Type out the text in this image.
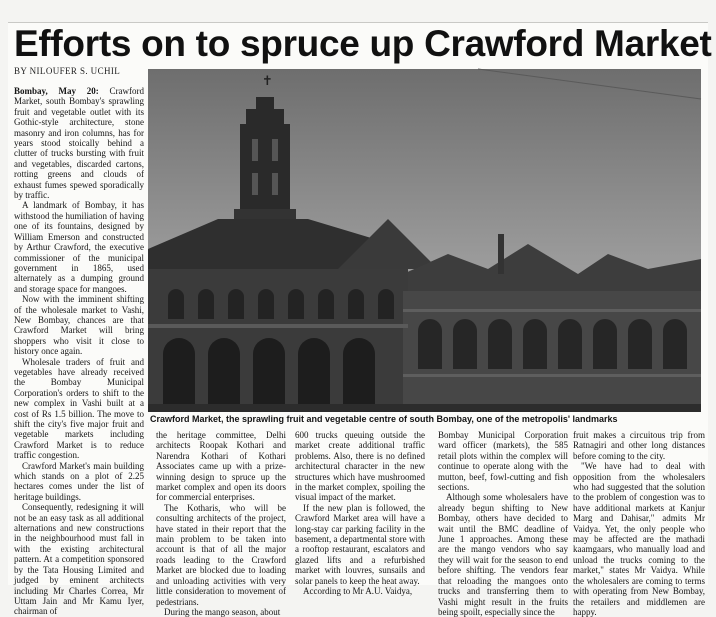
Efforts on to spruce up Crawford Market
BY NILOUFER S. UCHIL
✝
Crawford Market, the sprawling fruit and vegetable centre of south Bombay, one of the metropolis' landmarks

Bombay, May 20: Crawford Market, south Bombay's sprawling fruit and vegetable outlet with its Gothic-style architecture, stone masonry and iron columns, has for years stood stoically behind a clutter of trucks bursting with fruit and vegetables, discarded cartons, rotting greens and clouds of exhaust fumes spewed sporadically by traffic.

A landmark of Bombay, it has withstood the humiliation of having one of its fountains, designed by William Emerson and constructed by Arthur Crawford, the executive commissioner of the municipal government in 1865, used alternately as a dumping ground and storage space for mangoes.

Now with the imminent shifting of the wholesale market to Vashi, New Bombay, chances are that Crawford Market will bring shoppers who visit it close to history once again.

Wholesale traders of fruit and vegetables have already received the Bombay Municipal Corporation's orders to shift to the new complex in Vashi built at a cost of Rs 1.5 billion. The move to shift the city's five major fruit and vegetable markets including Crawford Market is to reduce traffic congestion.

Crawford Market's main building which stands on a plot of 2.25 hectares comes under the list of heritage buildings.

Consequently, redesigning it will not be an easy task as all additional alternations and new constructions in the neighbourhood must fall in with the existing architectural pattern. At a competition sponsored by the Tata Housing Limited and judged by eminent architects including Mr Charles Correa, Mr Uttam Jain and Mr Kamu Iyer, chairman of

the heritage committee, Delhi architects Roopak Kothari and Narendra Kothari of Kothari Associates came up with a prize-winning design to spruce up the market complex and open its doors for commercial enterprises.

The Kotharis, who will be consulting architects of the project, have stated in their report that the main problem to be taken into account is that of all the major roads leading to the Crawford Market are blocked due to loading and unloading activities with very little consideration to movement of pedestrians.

During the mango season, about

600 trucks queuing outside the market create additional traffic problems. Also, there is no defined architectural character in the new structures which have mushroomed in the market complex, spoiling the visual impact of the market.

If the new plan is followed, the Crawford Market area will have a long-stay car parking facility in the basement, a departmental store with a rooftop restaurant, escalators and glazed lifts and a refurbished market with louvres, sunsails and solar panels to keep the heat away.

According to Mr A.U. Vaidya,

Bombay Municipal Corporation ward officer (markets), the 585 retail plots within the complex will continue to operate along with the mutton, beef, fowl-cutting and fish sections.

Although some wholesalers have already begun shifting to New Bombay, others have decided to wait until the BMC deadline of June 1 approaches. Among these are the mango vendors who say they will wait for the season to end before shifting. The vendors fear that reloading the mangoes onto trucks and transferring them to Vashi might result in the fruits being spoilt, especially since the

fruit makes a circuitous trip from Ratnagiri and other long distances before coming to the city.

"We have had to deal with opposition from the wholesalers who had suggested that the solution to the problem of congestion was to have additional markets at Kanjur Marg and Dahisar," admits Mr Vaidya. Yet, the only people who may be affected are the mathadi kaamgaars, who manually load and unload the trucks coming to the market," states Mr Vaidya. While the wholesalers are coming to terms with operating from New Bombay, the retailers and middlemen are happy.
